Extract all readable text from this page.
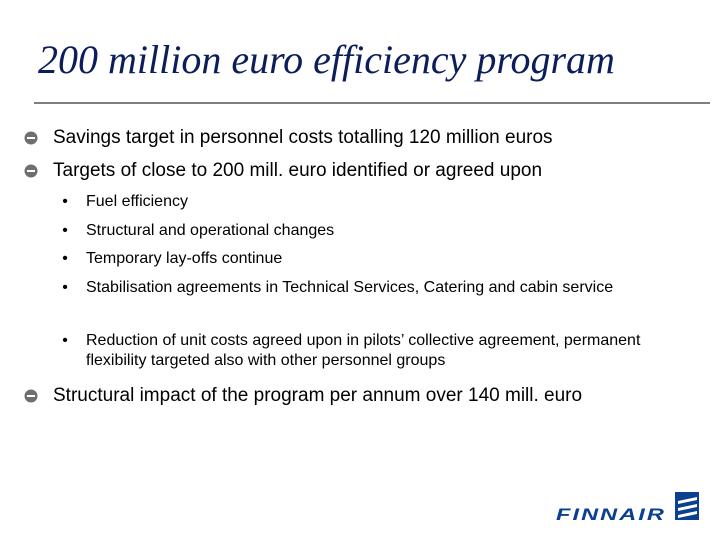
200 million euro efficiency program
Savings target in personnel costs totalling 120 million euros
Targets of close to 200 mill. euro identified or agreed upon
• Fuel efficiency
• Structural and operational changes
• Temporary lay-offs continue
• Stabilisation agreements in Technical Services, Catering and cabin service
• Reduction of unit costs agreed upon in pilots’ collective agreement, permanent flexibility targeted also with other personnel groups
Structural impact of the program per annum over 140 mill. euro
FINNAIR
